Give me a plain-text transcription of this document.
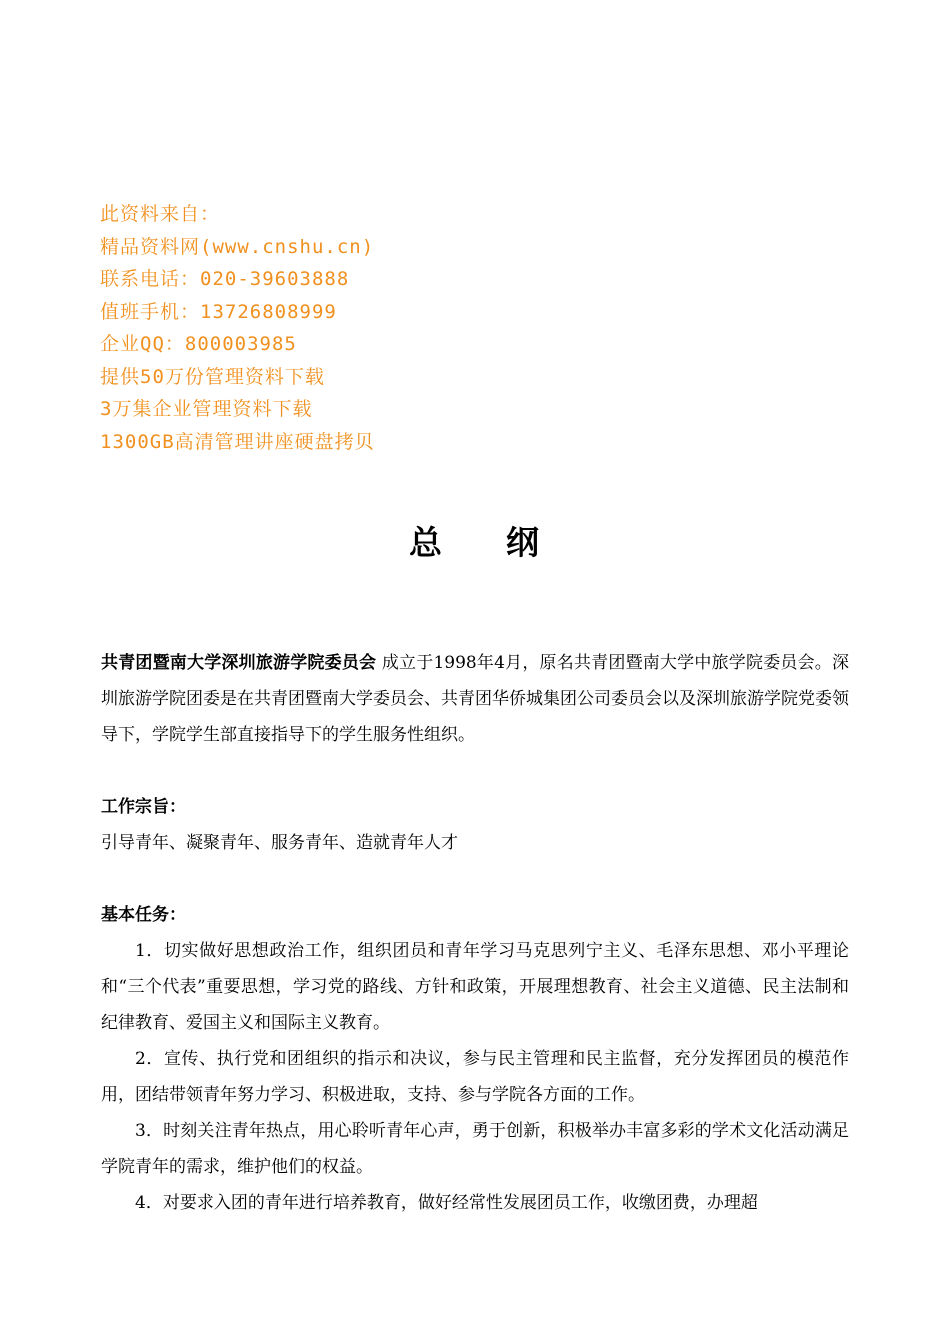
此资料来自：
精品资料网(www.cnshu.cn)
联系电话：020-39603888
值班手机：13726808999
企业QQ：800003985
提供50万份管理资料下载
3万集企业管理资料下载
1300GB高清管理讲座硬盘拷贝
总 纲

共青团暨南大学深圳旅游学院委员会 成立于1998年4月，原名共青团暨南大学中旅学院委员会。深圳旅游学院团委是在共青团暨南大学委员会、共青团华侨城集团公司委员会以及深圳旅游学院党委领导下，学院学生部直接指导下的学生服务性组织。

工作宗旨：

引导青年、凝聚青年、服务青年、造就青年人才

基本任务：

1．切实做好思想政治工作，组织团员和青年学习马克思列宁主义、毛泽东思想、邓小平理论和“三个代表”重要思想，学习党的路线、方针和政策，开展理想教育、社会主义道德、民主法制和纪律教育、爱国主义和国际主义教育。

2．宣传、执行党和团组织的指示和决议，参与民主管理和民主监督，充分发挥团员的模范作用，团结带领青年努力学习、积极进取，支持、参与学院各方面的工作。

3．时刻关注青年热点，用心聆听青年心声，勇于创新，积极举办丰富多彩的学术文化活动满足学院青年的需求，维护他们的权益。

4．对要求入团的青年进行培养教育，做好经常性发展团员工作，收缴团费，办理超
